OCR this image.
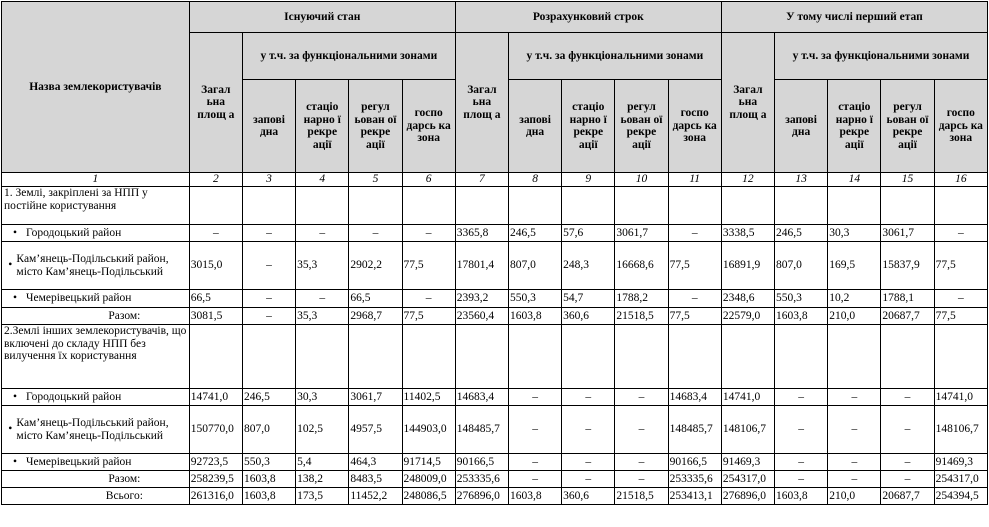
Назва землекористувачів	Існуючий стан					Розрахунковий строк					У тому числі перший етап				
	Загал ьна площ а	у т.ч. за функціональними зонами				Загал ьна площ а	у т.ч. за функціональними зонами				Загал ьна площ а	у т.ч. за функціональними зонами			
		запові дна	стаціо нарно ї рекре ації	регул ьован ої рекре ації	госпо дарсь ка зона		запові дна	стаціо нарно ї рекре ації	регул ьован ої рекре ації	госпо дарсь ка зона		запові дна	стаціо нарно ї рекре ації	регул ьован ої рекре ації	госпо дарсь ка зона
1	2	3	4	5	6	7	8	9	10	11	12	13	14	15	16
1. Землі, закріплені за НПП у постійне користування															

• Городоцький район	–	–	–	–	–	3365,8	246,5	57,6	3061,7	–	3338,5	246,5	30,3	3061,7	–

•
Кам’янець-Подільський район, місто Кам’янець-Подільський	3015,0	–	35,3	2902,2	77,5	17801,4	807,0	248,3	16668,6	77,5	16891,9	807,0	169,5	15837,9	77,5

• Чемерівецький район	66,5	–	–	66,5	–	2393,2	550,3	54,7	1788,2	–	2348,6	550,3	10,2	1788,1	–
Разом:	3081,5	–	35,3	2968,7	77,5	23560,4	1603,8	360,6	21518,5	77,5	22579,0	1603,8	210,0	20687,7	77,5
2.Землі інших землекористувачів, що включені до складу НПП без вилучення їх користування															

• Городоцький район	14741,0	246,5	30,3	3061,7	11402,5	14683,4	–	–	–	14683,4	14741,0	–	–	–	14741,0

•
Кам’янець-Подільський район, місто Кам’янець-Подільський	150770,0	807,0	102,5	4957,5	144903,0	148485,7	–	–	–	148485,7	148106,7	–	–	–	148106,7

• Чемерівецький район	92723,5	550,3	5,4	464,3	91714,5	90166,5	–	–	–	90166,5	91469,3	–	–	–	91469,3
Разом:	258239,5	1603,8	138,2	8483,5	248009,0	253335,6	–	–	–	253335,6	254317,0	–	–	–	254317,0
Всього:	261316,0	1603,8	173,5	11452,2	248086,5	276896,0	1603,8	360,6	21518,5	253413,1	276896,0	1603,8	210,0	20687,7	254394,5
